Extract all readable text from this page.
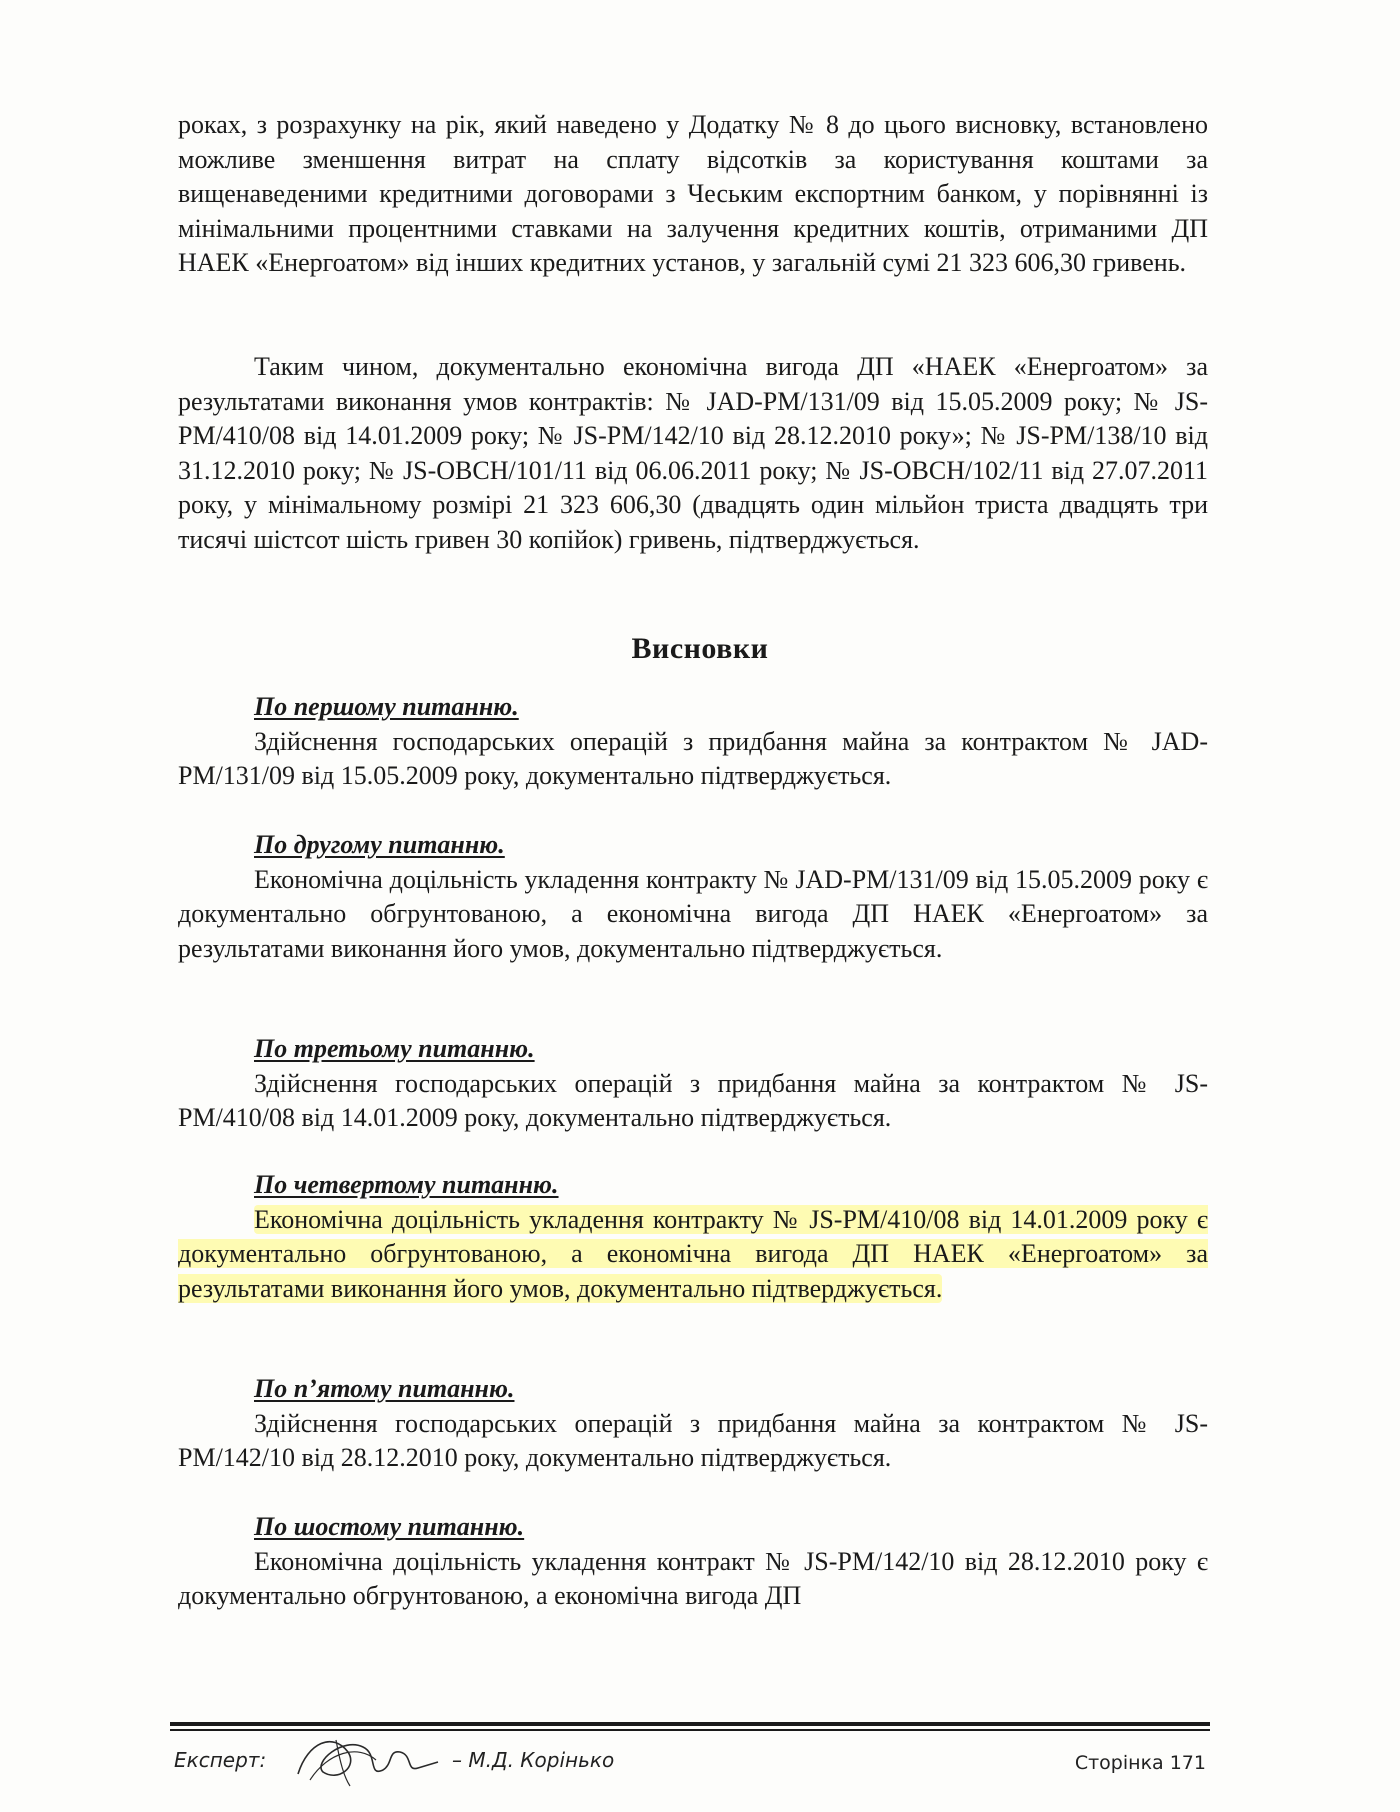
роках, з розрахунку на рік, який наведено у Додатку № 8 до цього висновку, встановлено можливе зменшення витрат на сплату відсотків за користування коштами за вищенаведеними кредитними договорами з Чеським експортним банком, у порівнянні із мінімальними процентними ставками на залучення кредитних коштів, отриманими ДП НАЕК «Енергоатом» від інших кредитних установ, у загальній сумі 21 323 606,30 гривень.

Таким чином, документально економічна вигода ДП «НАЕК «Енергоатом» за результатами виконання умов контрактів: № JAD-PM/131/09 від 15.05.2009 року; № JS-PM/410/08 від 14.01.2009 року; № JS-PM/142/10 від 28.12.2010 року»; № JS-PM/138/10 від 31.12.2010 року; № JS-OBCH/101/11 від 06.06.2011 року; № JS-OBCH/102/11 від 27.07.2011 року, у мінімальному розмірі 21 323 606,30 (двадцять один мільйон триста двадцять три тисячі шістсот шість гривен 30 копійок) гривень, підтверджується.

Висновки
По першому питанню.

Здійснення господарських операцій з придбання майна за контрактом № JAD-PM/131/09 від 15.05.2009 року, документально підтверджується.

По другому питанню.

Економічна доцільність укладення контракту № JAD-PM/131/09 від 15.05.2009 року є документально обгрунтованою, а економічна вигода ДП НАЕК «Енергоатом» за результатами виконання його умов, документально підтверджується.

По третьому питанню.

Здійснення господарських операцій з придбання майна за контрактом № JS-PM/410/08 від 14.01.2009 року, документально підтверджується.

По четвертому питанню.

Економічна доцільність укладення контракту № JS-PM/410/08 від 14.01.2009 року є документально обгрунтованою, а економічна вигода ДП НАЕК «Енергоатом» за результатами виконання його умов, документально підтверджується.

По п’ятому питанню.

Здійснення господарських операцій з придбання майна за контрактом № JS-PM/142/10 від 28.12.2010 року, документально підтверджується.

По шостому питанню.

Економічна доцільність укладення контракт № JS-PM/142/10 від 28.12.2010 року є документально обгрунтованою, а економічна вигода ДП

Експерт:	– М.Д. Корінько	Сторінка 171
